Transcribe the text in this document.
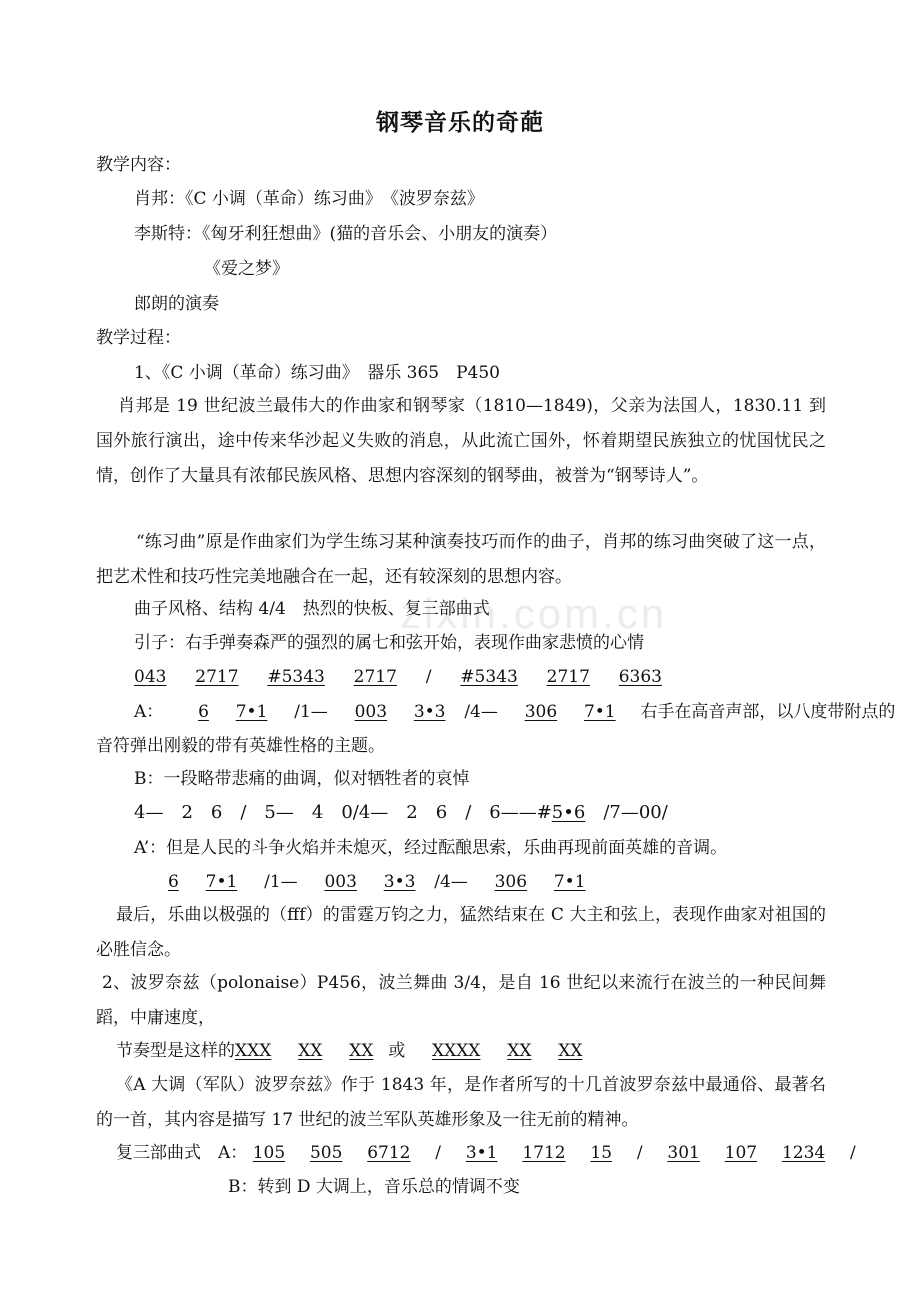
zixin.com.cn
钢琴音乐的奇葩
教学内容：
肖邦：《C 小调（革命）练习曲》　《波罗奈兹》
李斯特：《匈牙利狂想曲》(猫的音乐会、小朋友的演奏）
《爱之梦》
郎朗的演奏
教学过程：
1、《C 小调（革命）练习曲》　器乐 365　P450
肖邦是 19 世纪波兰最伟大的作曲家和钢琴家（1810—1849)，父亲为法国人，1830.11 到国外旅行演出，途中传来华沙起义失败的消息，从此流亡国外，怀着期望民族独立的忧国忧民之情，创作了大量具有浓郁民族风格、思想内容深刻的钢琴曲，被誉为“钢琴诗人”。
“练习曲”原是作曲家们为学生练习某种演奏技巧而作的曲子，肖邦的练习曲突破了这一点，把艺术性和技巧性完美地融合在一起，还有较深刻的思想内容。
曲子风格、结构 4/4　热烈的快板、复三部曲式
引子：右手弹奏森严的强烈的属七和弦开始，表现作曲家悲愤的心情
043 2717 #5343 2717 / #5343 2717 6363
A： 6 7•1 /1— 003 3•3 /4— 306 7•1 右手在高音声部，以八度带附点的
音符弹出刚毅的带有英雄性格的主题。
B：一段略带悲痛的曲调，似对牺牲者的哀悼
4—　2　6　/　5—　4　0/4—　2　6　/　6——#5•6　/7—00/
A’：但是人民的斗争火焰并未熄灭，经过酝酿思索，乐曲再现前面英雄的音调。
6 7•1 /1— 003 3•3 /4— 306 7•1
最后，乐曲以极强的（fff）的雷霆万钧之力，猛然结束在 C 大主和弦上，表现作曲家对祖国的必胜信念。
2、波罗奈兹（polonaise）P456，波兰舞曲 3/4，是自 16 世纪以来流行在波兰的一种民间舞蹈，中庸速度，
节奏型是这样的XXX XX XX 或 XXXX XX XX
《A 大调（军队）波罗奈兹》作于 1843 年，是作者所写的十几首波罗奈兹中最通俗、最著名的一首，其内容是描写 17 世纪的波兰军队英雄形象及一往无前的精神。
复三部曲式　A： 105 505 6712 / 3•1 1712 15 / 301 107 1234 /
B：转到 D 大调上，音乐总的情调不变
